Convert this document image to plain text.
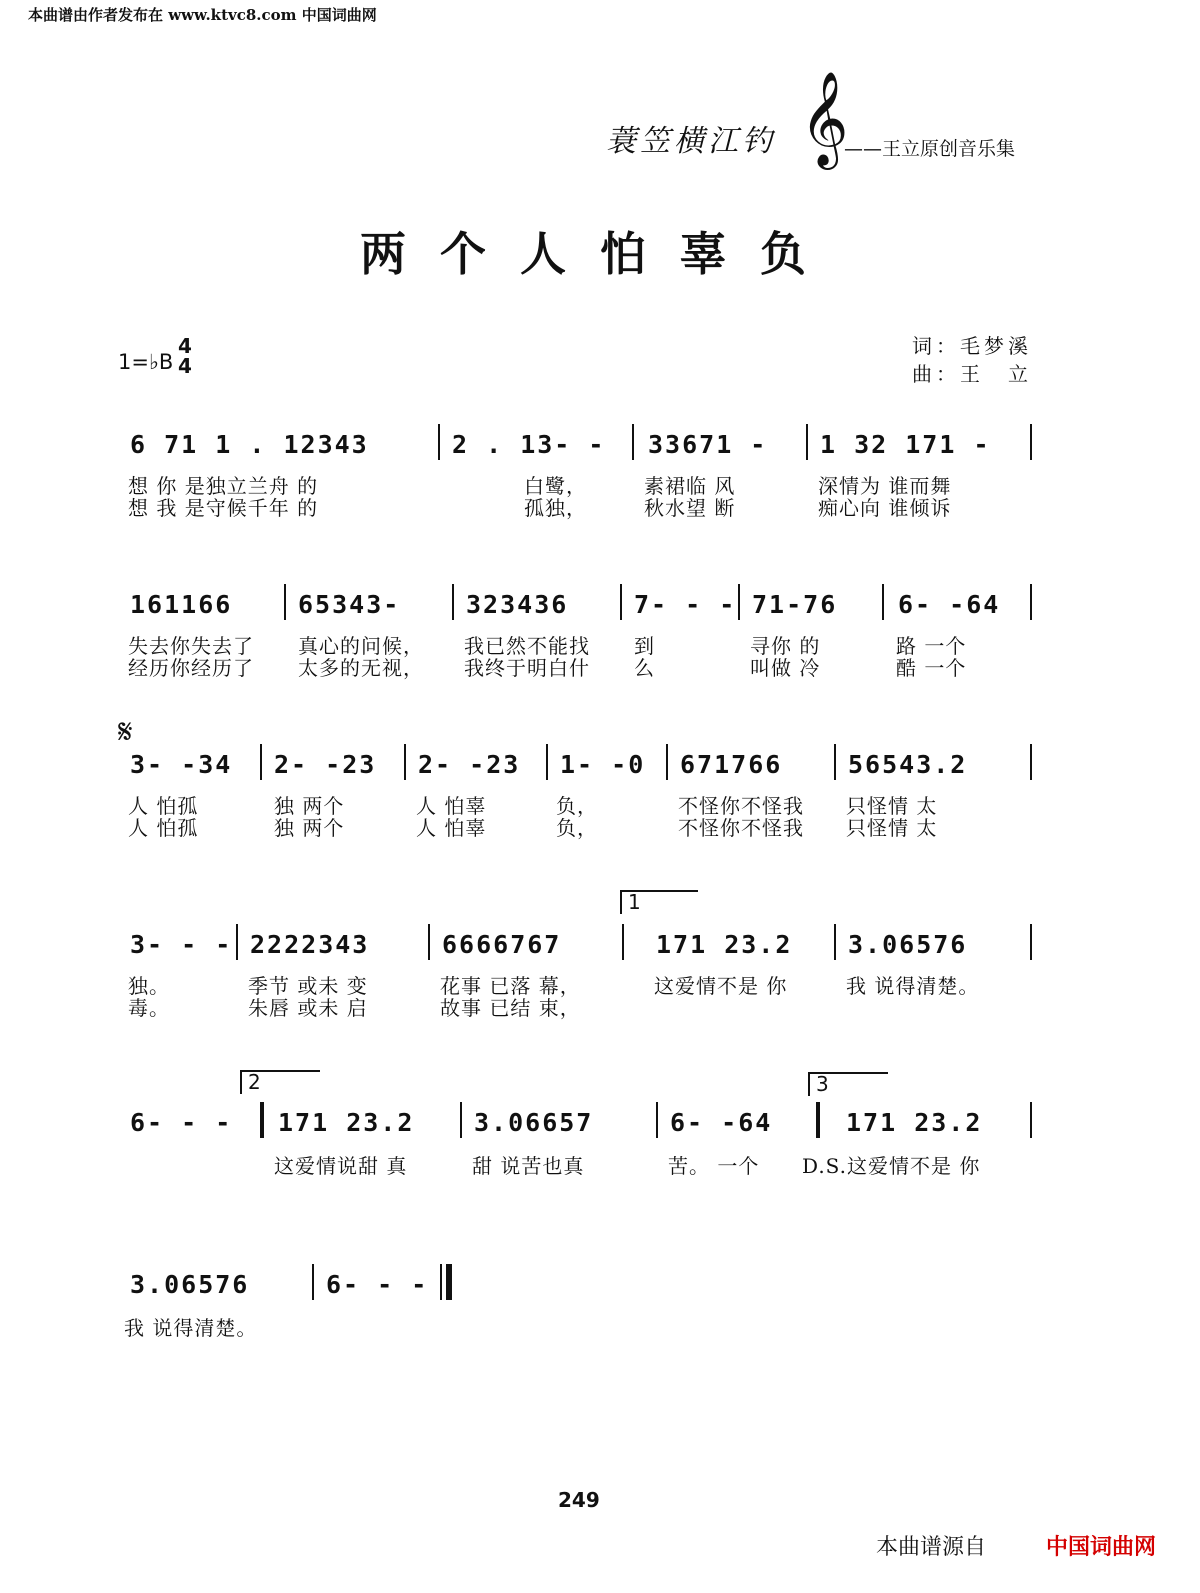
本曲谱由作者发布在 www.ktvc8.com 中国词曲网
蓑笠横江钓 𝄞
——王立原创音乐集
两个人怕辜负
1=♭B
4
4
词：毛梦溪
曲：王　立
6 71 1 . 12343	2 . 13- - 33671 - 1 32 171 -
想 你 是独立兰舟 的	白鹭，	素裙临 风	深情为 谁而舞
想 我 是守候千年 的	孤独，	秋水望 断	痴心向 谁倾诉
161166	65343-	323436	7- - - 71-76 6- -64
失去你失去了 真心的问候， 我已然不能找 到	寻你 的	路 一个
经历你经历了 太多的无视， 我终于明白什 么	叫做 冷	酷 一个
𝄋
3- -34 2- -23 2- -23 1- -0 671766	56543.2
人 怕孤	独 两个	人 怕辜	负，	不怪你不怪我 只怪情 太
人 怕孤	独 两个	人 怕辜	负，	不怪你不怪我 只怪情 太
1
3- - - 2222343	6666767	171 23.2 3.06576
独。	季节 或未 变	花事 已落 幕，	这爱情不是 你	我 说得清楚。
毒。	朱唇 或未 启	故事 已结 束，
2	3
6- - - 171 23.2 3.06657	6- -64	171 23.2
这爱情说甜 真	甜 说苦也真	苦。 一个 D.S.这爱情不是 你
3.06576	6- - -
我 说得清楚。
249
本曲谱源自	中国词曲网
